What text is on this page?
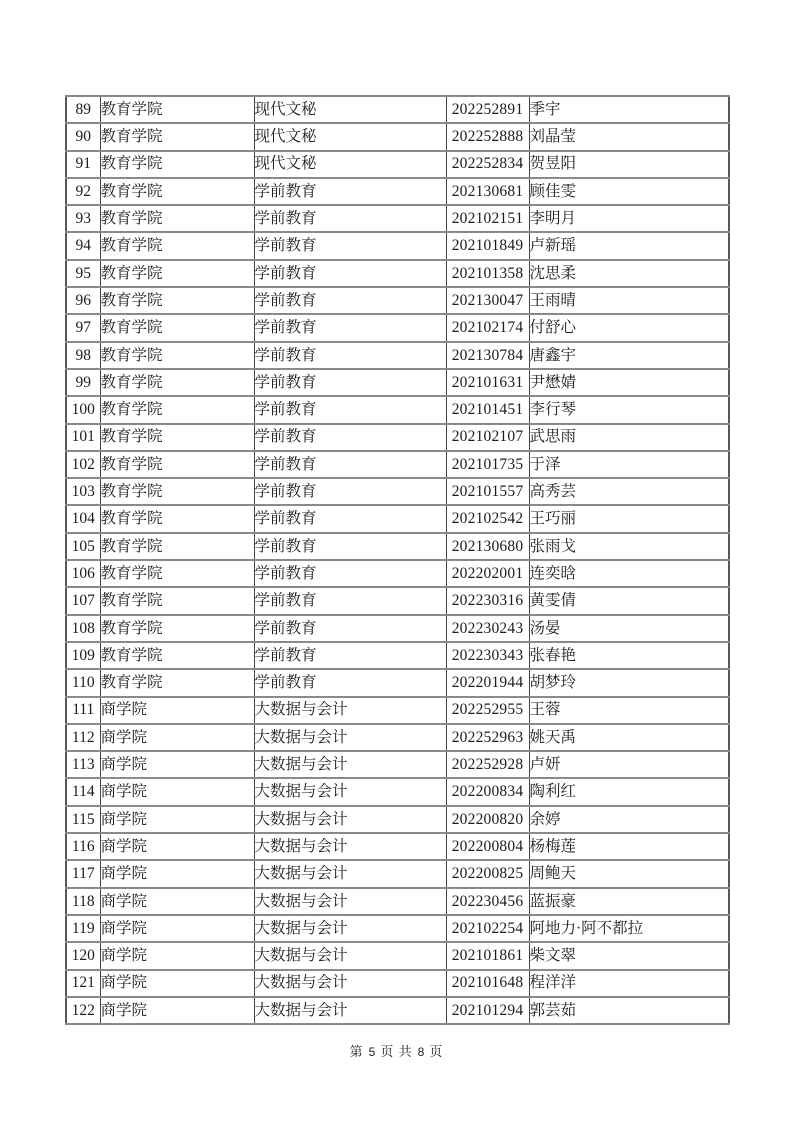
89	教育学院	现代文秘	202252891	季宇
90	教育学院	现代文秘	202252888	刘晶莹
91	教育学院	现代文秘	202252834	贺昱阳
92	教育学院	学前教育	202130681	顾佳雯
93	教育学院	学前教育	202102151	李明月
94	教育学院	学前教育	202101849	卢新瑶
95	教育学院	学前教育	202101358	沈思柔
96	教育学院	学前教育	202130047	王雨晴
97	教育学院	学前教育	202102174	付舒心
98	教育学院	学前教育	202130784	唐鑫宇
99	教育学院	学前教育	202101631	尹懋婧
100	教育学院	学前教育	202101451	李行琴
101	教育学院	学前教育	202102107	武思雨
102	教育学院	学前教育	202101735	于泽
103	教育学院	学前教育	202101557	高秀芸
104	教育学院	学前教育	202102542	王巧丽
105	教育学院	学前教育	202130680	张雨戈
106	教育学院	学前教育	202202001	连奕晗
107	教育学院	学前教育	202230316	黄雯倩
108	教育学院	学前教育	202230243	汤晏
109	教育学院	学前教育	202230343	张春艳
110	教育学院	学前教育	202201944	胡梦玲
111	商学院	大数据与会计	202252955	王蓉
112	商学院	大数据与会计	202252963	姚天禹
113	商学院	大数据与会计	202252928	卢妍
114	商学院	大数据与会计	202200834	陶利红
115	商学院	大数据与会计	202200820	余婷
116	商学院	大数据与会计	202200804	杨梅莲
117	商学院	大数据与会计	202200825	周鲍天
118	商学院	大数据与会计	202230456	蓝振豪
119	商学院	大数据与会计	202102254	阿地力·阿不都拉
120	商学院	大数据与会计	202101861	柴文翠
121	商学院	大数据与会计	202101648	程洋洋
122	商学院	大数据与会计	202101294	郭芸茹
第 5 页 共 8 页
